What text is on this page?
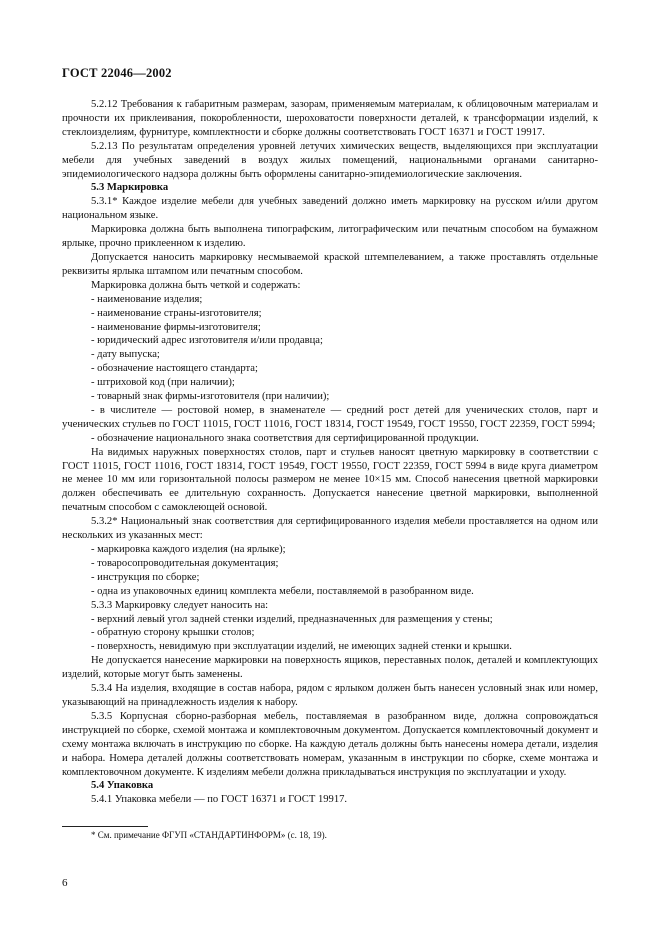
ГОСТ 22046—2002

5.2.12 Требования к габаритным размерам, зазорам, применяемым материалам, к облицовочным материалам и прочности их приклеивания, покоробленности, шероховатости поверхности деталей, к трансформации изделий, к стеклоизделиям, фурнитуре, комплектности и сборке должны соответствовать ГОСТ 16371 и ГОСТ 19917.

5.2.13 По результатам определения уровней летучих химических веществ, выделяющихся при эксплуатации мебели для учебных заведений в воздух жилых помещений, национальными органами санитарно-эпидемиологического надзора должны быть оформлены санитарно-эпидемиологические заключения.

5.3 Маркировка

5.3.1* Каждое изделие мебели для учебных заведений должно иметь маркировку на русском и/или другом национальном языке.

Маркировка должна быть выполнена типографским, литографическим или печатным способом на бумажном ярлыке, прочно приклеенном к изделию.

Допускается наносить маркировку несмываемой краской штемпелеванием, а также проставлять отдельные реквизиты ярлыка штампом или печатным способом.

Маркировка должна быть четкой и содержать:

- наименование изделия;

- наименование страны-изготовителя;

- наименование фирмы-изготовителя;

- юридический адрес изготовителя и/или продавца;

- дату выпуска;

- обозначение настоящего стандарта;

- штриховой код (при наличии);

- товарный знак фирмы-изготовителя (при наличии);

- в числителе — ростовой номер, в знаменателе — средний рост детей для ученических столов, парт и ученических стульев по ГОСТ 11015, ГОСТ 11016, ГОСТ 18314, ГОСТ 19549, ГОСТ 19550, ГОСТ 22359, ГОСТ 5994;

- обозначение национального знака соответствия для сертифицированной продукции.

На видимых наружных поверхностях столов, парт и стульев наносят цветную маркировку в соответствии с ГОСТ 11015, ГОСТ 11016, ГОСТ 18314, ГОСТ 19549, ГОСТ 19550, ГОСТ 22359, ГОСТ 5994 в виде круга диаметром не менее 10 мм или горизонтальной полосы размером не менее 10×15 мм. Способ нанесения цветной маркировки должен обеспечивать ее длительную сохранность. Допускается нанесение цветной маркировки, выполненной печатным способом с самоклеющей основой.

5.3.2* Национальный знак соответствия для сертифицированного изделия мебели проставляется на одном или нескольких из указанных мест:

- маркировка каждого изделия (на ярлыке);

- товаросопроводительная документация;

- инструкция по сборке;

- одна из упаковочных единиц комплекта мебели, поставляемой в разобранном виде.

5.3.3 Маркировку следует наносить на:

- верхний левый угол задней стенки изделий, предназначенных для размещения у стены;

- обратную сторону крышки столов;

- поверхность, невидимую при эксплуатации изделий, не имеющих задней стенки и крышки.

Не допускается нанесение маркировки на поверхность ящиков, переставных полок, деталей и комплектующих изделий, которые могут быть заменены.

5.3.4 На изделия, входящие в состав набора, рядом с ярлыком должен быть нанесен условный знак или номер, указывающий на принадлежность изделия к набору.

5.3.5 Корпусная сборно-разборная мебель, поставляемая в разобранном виде, должна сопровождаться инструкцией по сборке, схемой монтажа и комплектовочным документом. Допускается комплектовочный документ и схему монтажа включать в инструкцию по сборке. На каждую деталь должны быть нанесены номера детали, изделия и набора. Номера деталей должны соответствовать номерам, указанным в инструкции по сборке, схеме монтажа и комплектовочном документе. К изделиям мебели должна прикладываться инструкция по эксплуатации и уходу.

5.4 Упаковка

5.4.1 Упаковка мебели — по ГОСТ 16371 и ГОСТ 19917.

* См. примечание ФГУП «СТАНДАРТИНФОРМ» (с. 18, 19).
6
